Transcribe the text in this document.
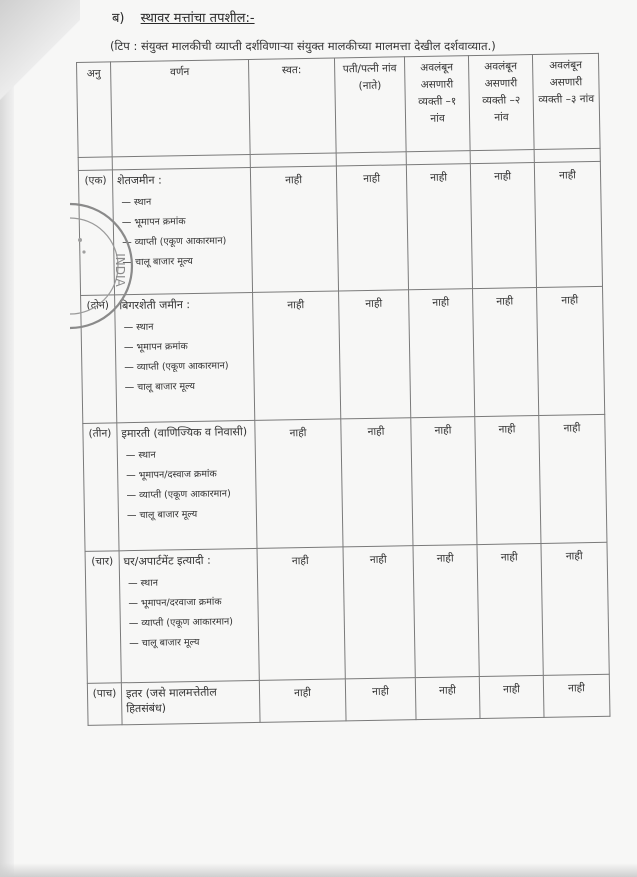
ब) स्थावर मत्तांचा तपशील:-
(टिप : संयुक्त मालकीची व्याप्ती दर्शविणाऱ्या संयुक्त मालकीच्या मालमत्ता देखील दर्शवाव्यात.)
अनु	वर्णन	स्वत:	पती/पत्नी नांव (नाते)	अवलंबून असणारी व्यक्ती –१ नांव	अवलंबून असणारी व्यक्ती –२ नांव	अवलंबून असणारी व्यक्ती –३ नांव

(एक)	शेतजमीन :
— स्थान
— भूमापन क्रमांक
— व्याप्ती (एकूण आकारमान)
— चालू बाजार मूल्य	नाही	नाही	नाही	नाही	नाही
(दोन)	बिगरशेती जमीन :
— स्थान
— भूमापन क्रमांक
— व्याप्ती (एकूण आकारमान)
— चालू बाजार मूल्य	नाही	नाही	नाही	नाही	नाही
(तीन)	इमारती (वाणिज्यिक व निवासी)
— स्थान
— भूमापन/दस्वाज क्रमांक
— व्याप्ती (एकूण आकारमान)
— चालू बाजार मूल्य	नाही	नाही	नाही	नाही	नाही
(चार)	घर/अपार्टमेंट इत्यादी :
— स्थान
— भूमापन/दरवाजा क्रमांक
— व्याप्ती (एकूण आकारमान)
— चालू बाजार मूल्य	नाही	नाही	नाही	नाही	नाही
(पाच)	इतर (जसे मालमत्तेतील हितसंबंध)	नाही	नाही	नाही	नाही	नाही
INDIA
